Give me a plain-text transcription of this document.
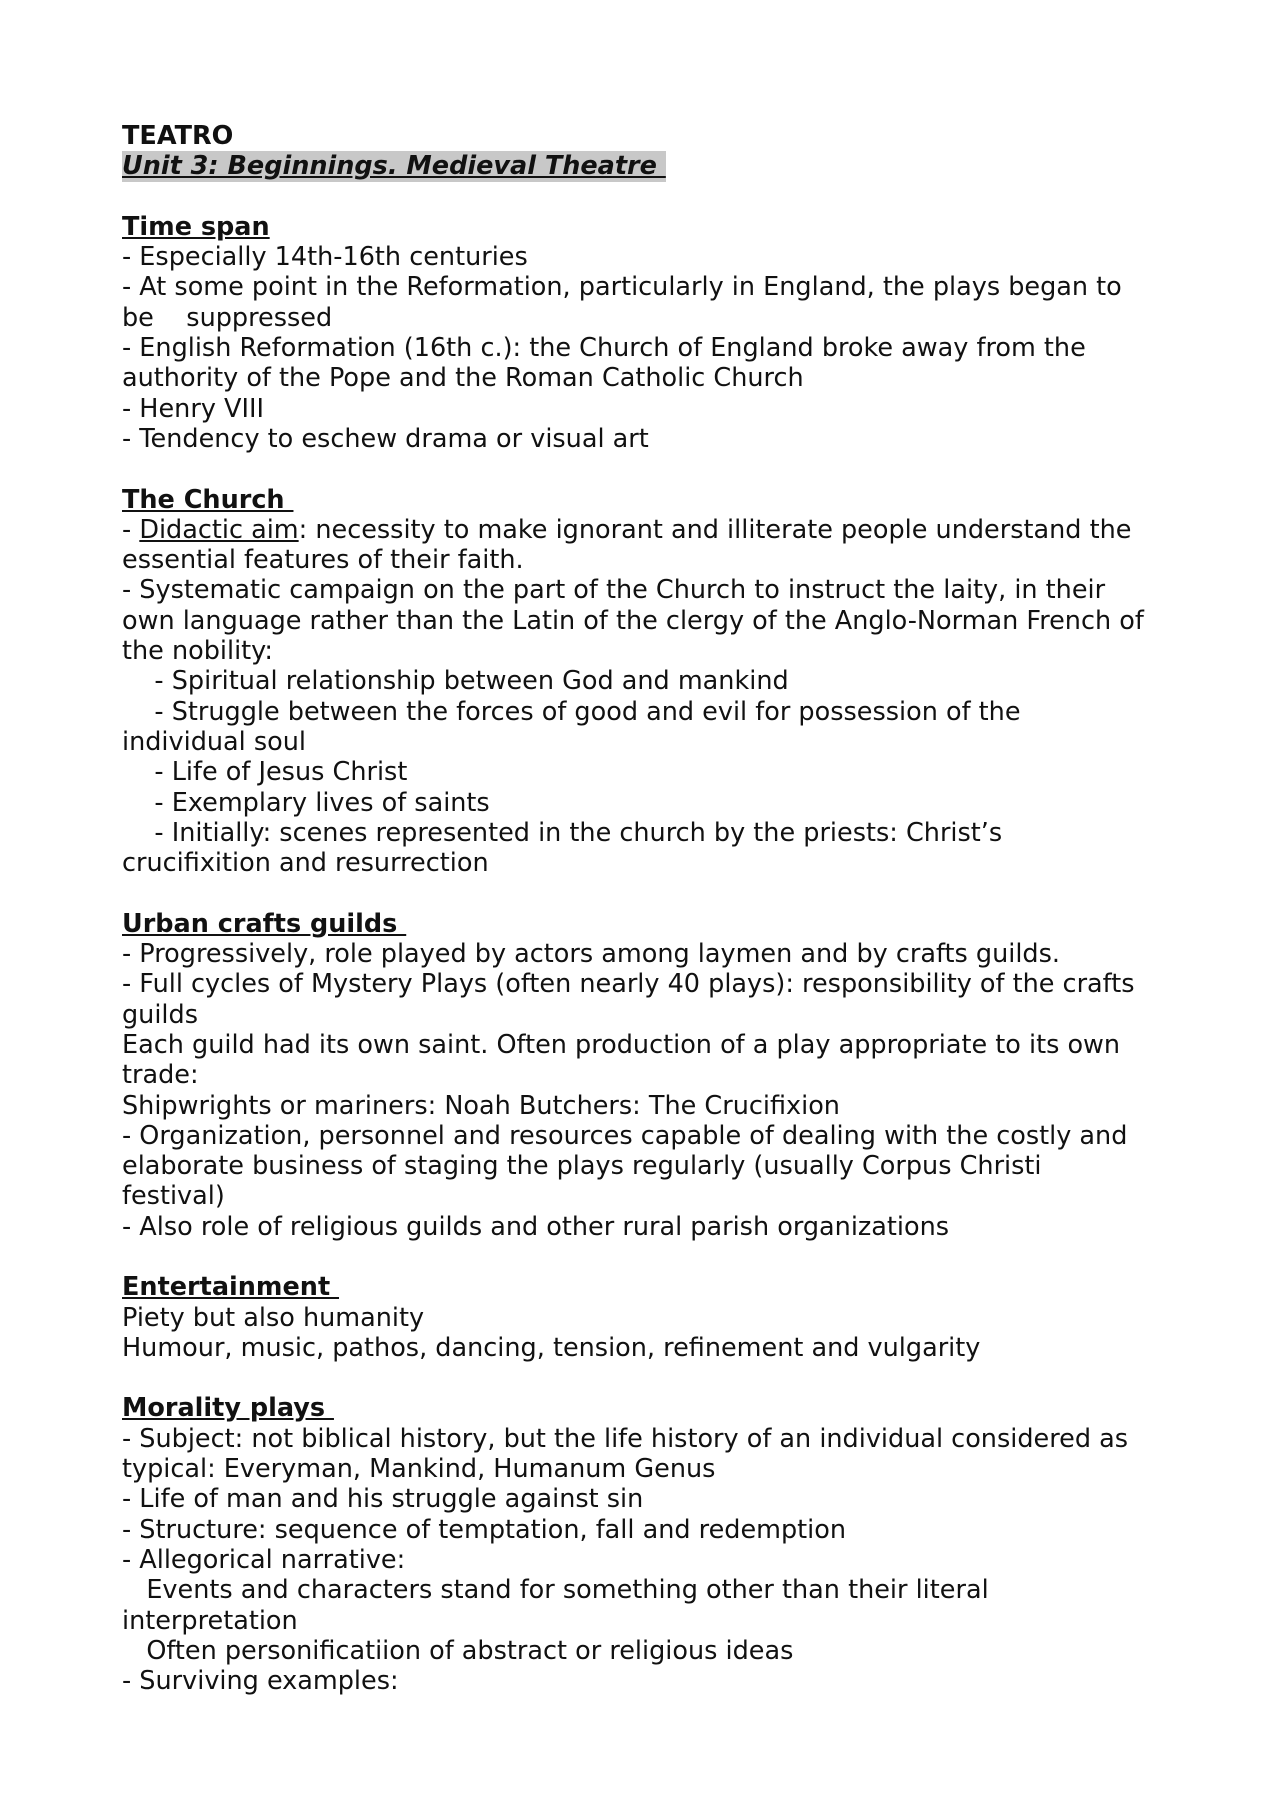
TEATRO
Unit 3: Beginnings. Medieval Theatre
Time span
- Especially 14th-16th centuries
- At some point in the Reformation, particularly in England, the plays began to
be    suppressed
- English Reformation (16th c.): the Church of England broke away from the
authority of the Pope and the Roman Catholic Church
- Henry VIII
- Tendency to eschew drama or visual art
The Church
- Didactic aim: necessity to make ignorant and illiterate people understand the
essential features of their faith.
- Systematic campaign on the part of the Church to instruct the laity, in their
own language rather than the Latin of the clergy of the Anglo-Norman French of
the nobility:
- Spiritual relationship between God and mankind
- Struggle between the forces of good and evil for possession of the
individual soul
- Life of Jesus Christ
- Exemplary lives of saints
- Initially: scenes represented in the church by the priests: Christ’s
crucifixition and resurrection
Urban crafts guilds
- Progressively, role played by actors among laymen and by crafts guilds.
- Full cycles of Mystery Plays (often nearly 40 plays): responsibility of the crafts
guilds
Each guild had its own saint. Often production of a play appropriate to its own
trade:
Shipwrights or mariners: Noah Butchers: The Crucifixion
- Organization, personnel and resources capable of dealing with the costly and
elaborate business of staging the plays regularly (usually Corpus Christi
festival)
- Also role of religious guilds and other rural parish organizations
Entertainment
Piety but also humanity
Humour, music, pathos, dancing, tension, refinement and vulgarity
Morality plays
- Subject: not biblical history, but the life history of an individual considered as
typical: Everyman, Mankind, Humanum Genus
- Life of man and his struggle against sin
- Structure: sequence of temptation, fall and redemption
- Allegorical narrative:
Events and characters stand for something other than their literal
interpretation
Often personificatiion of abstract or religious ideas
- Surviving examples:
